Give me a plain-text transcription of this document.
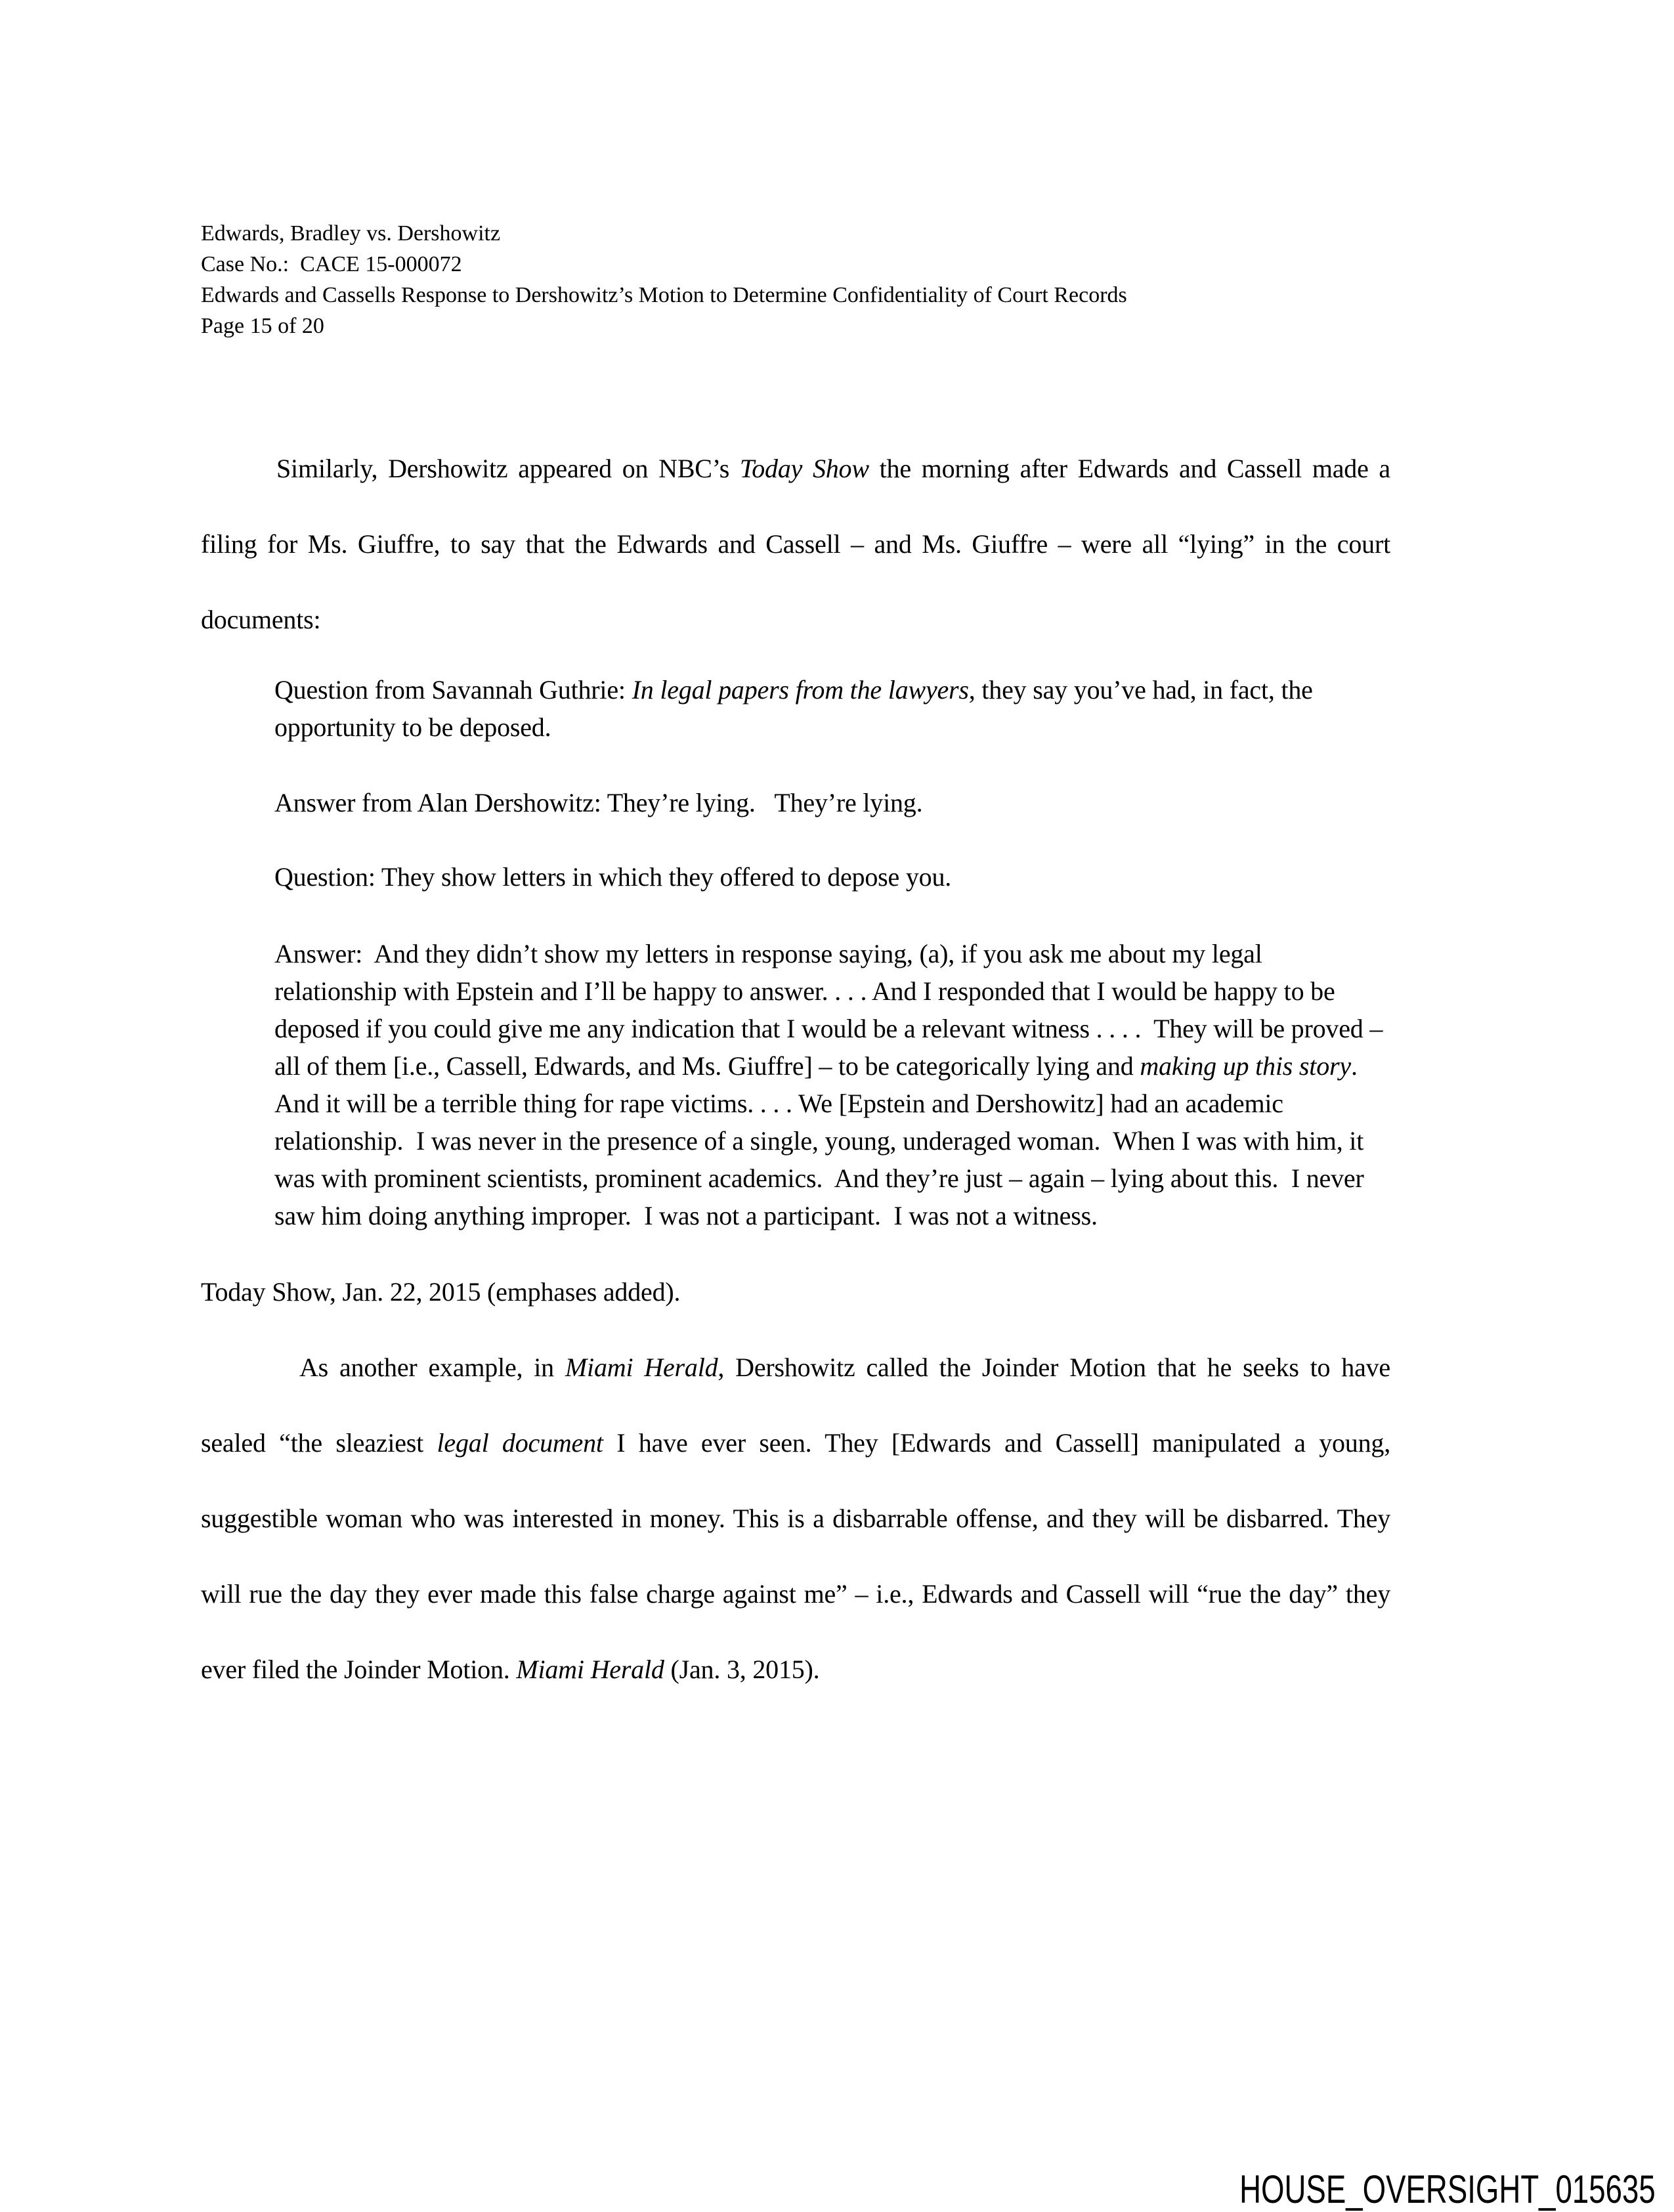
Edwards, Bradley vs. Dershowitz
Case No.:  CACE 15-000072
Edwards and Cassells Response to Dershowitz’s Motion to Determine Confidentiality of Court Records
Page 15 of 20

Similarly, Dershowitz appeared on NBC’s Today Show the morning after Edwards and Cassell made a filing for Ms. Giuffre, to say that the Edwards and Cassell – and Ms. Giuffre – were all “lying” in the court documents:

Question from Savannah Guthrie: In legal papers from the lawyers, they say you’ve had, in fact, the opportunity to be deposed.
Answer from Alan Dershowitz: They’re lying.   They’re lying.
Question: They show letters in which they offered to depose you.
Answer:  And they didn’t show my letters in response saying, (a), if you ask me about my legal relationship with Epstein and I’ll be happy to answer. . . . And I responded that I would be happy to be deposed if you could give me any indication that I would be a relevant witness . . . .  They will be proved – all of them [i.e., Cassell, Edwards, and Ms. Giuffre] – to be categorically lying and making up this story. And it will be a terrible thing for rape victims. . . . We [Epstein and Dershowitz] had an academic relationship.  I was never in the presence of a single, young, underaged woman.  When I was with him, it was with prominent scientists, prominent academics.  And they’re just – again – lying about this.  I never saw him doing anything improper.  I was not a participant.  I was not a witness.

Today Show, Jan. 22, 2015 (emphases added).

As another example, in Miami Herald, Dershowitz called the Joinder Motion that he seeks to have sealed “the sleaziest legal document I have ever seen. They [Edwards and Cassell] manipulated a young, suggestible woman who was interested in money. This is a disbarrable offense, and they will be disbarred. They will rue the day they ever made this false charge against me” – i.e., Edwards and Cassell will “rue the day” they ever filed the Joinder Motion. Miami Herald (Jan. 3, 2015).

HOUSE_OVERSIGHT_015635
